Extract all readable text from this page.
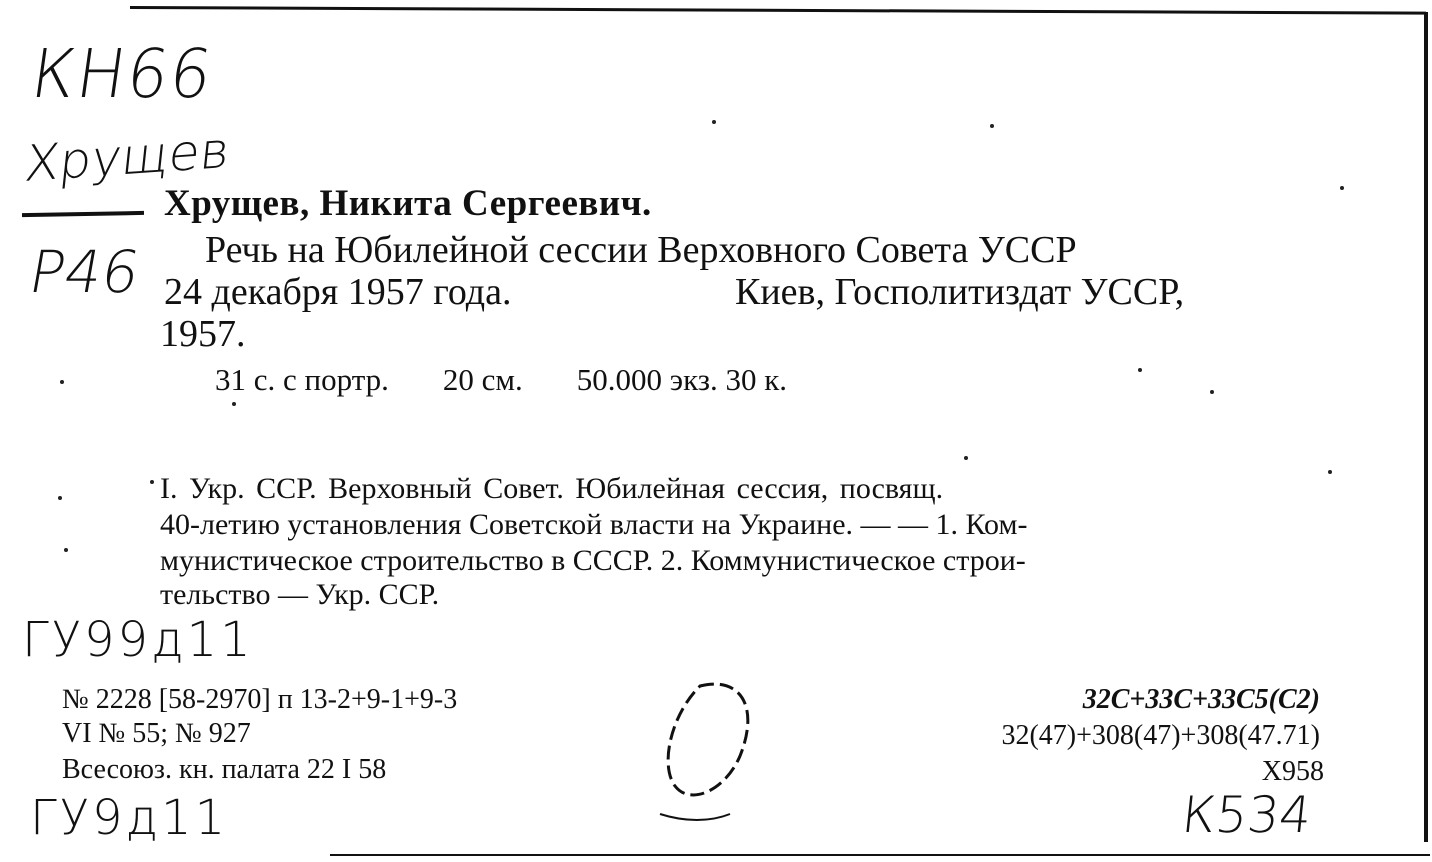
КН66
Хрущев
Р46
Хрущев, Никита Сергеевич.
Речь на Юбилейной сессии Верховного Совета УССР
24 декабря 1957 года.	Киев, Госполитиздат УССР,
1957.
31 с. с портр. 20 см. 50.000 экз. 30 к.
I. Укр. ССР. Верховный Совет. Юбилейная сессия, посвящ.
40-летию установления Советской власти на Украине. — — 1. Ком-
мунистическое строительство в СССР. 2. Коммунистическое строи-
тельство — Укр. ССР.
ГУ99д11
№ 2228 [58-2970] п 13-2+9-1+9-3
VI № 55; № 927
Всесоюз. кн. палата 22 I 58
32С+33С+33С5(С2)
32(47)+308(47)+308(47.71)
Х958
ГУ9д11	К534
